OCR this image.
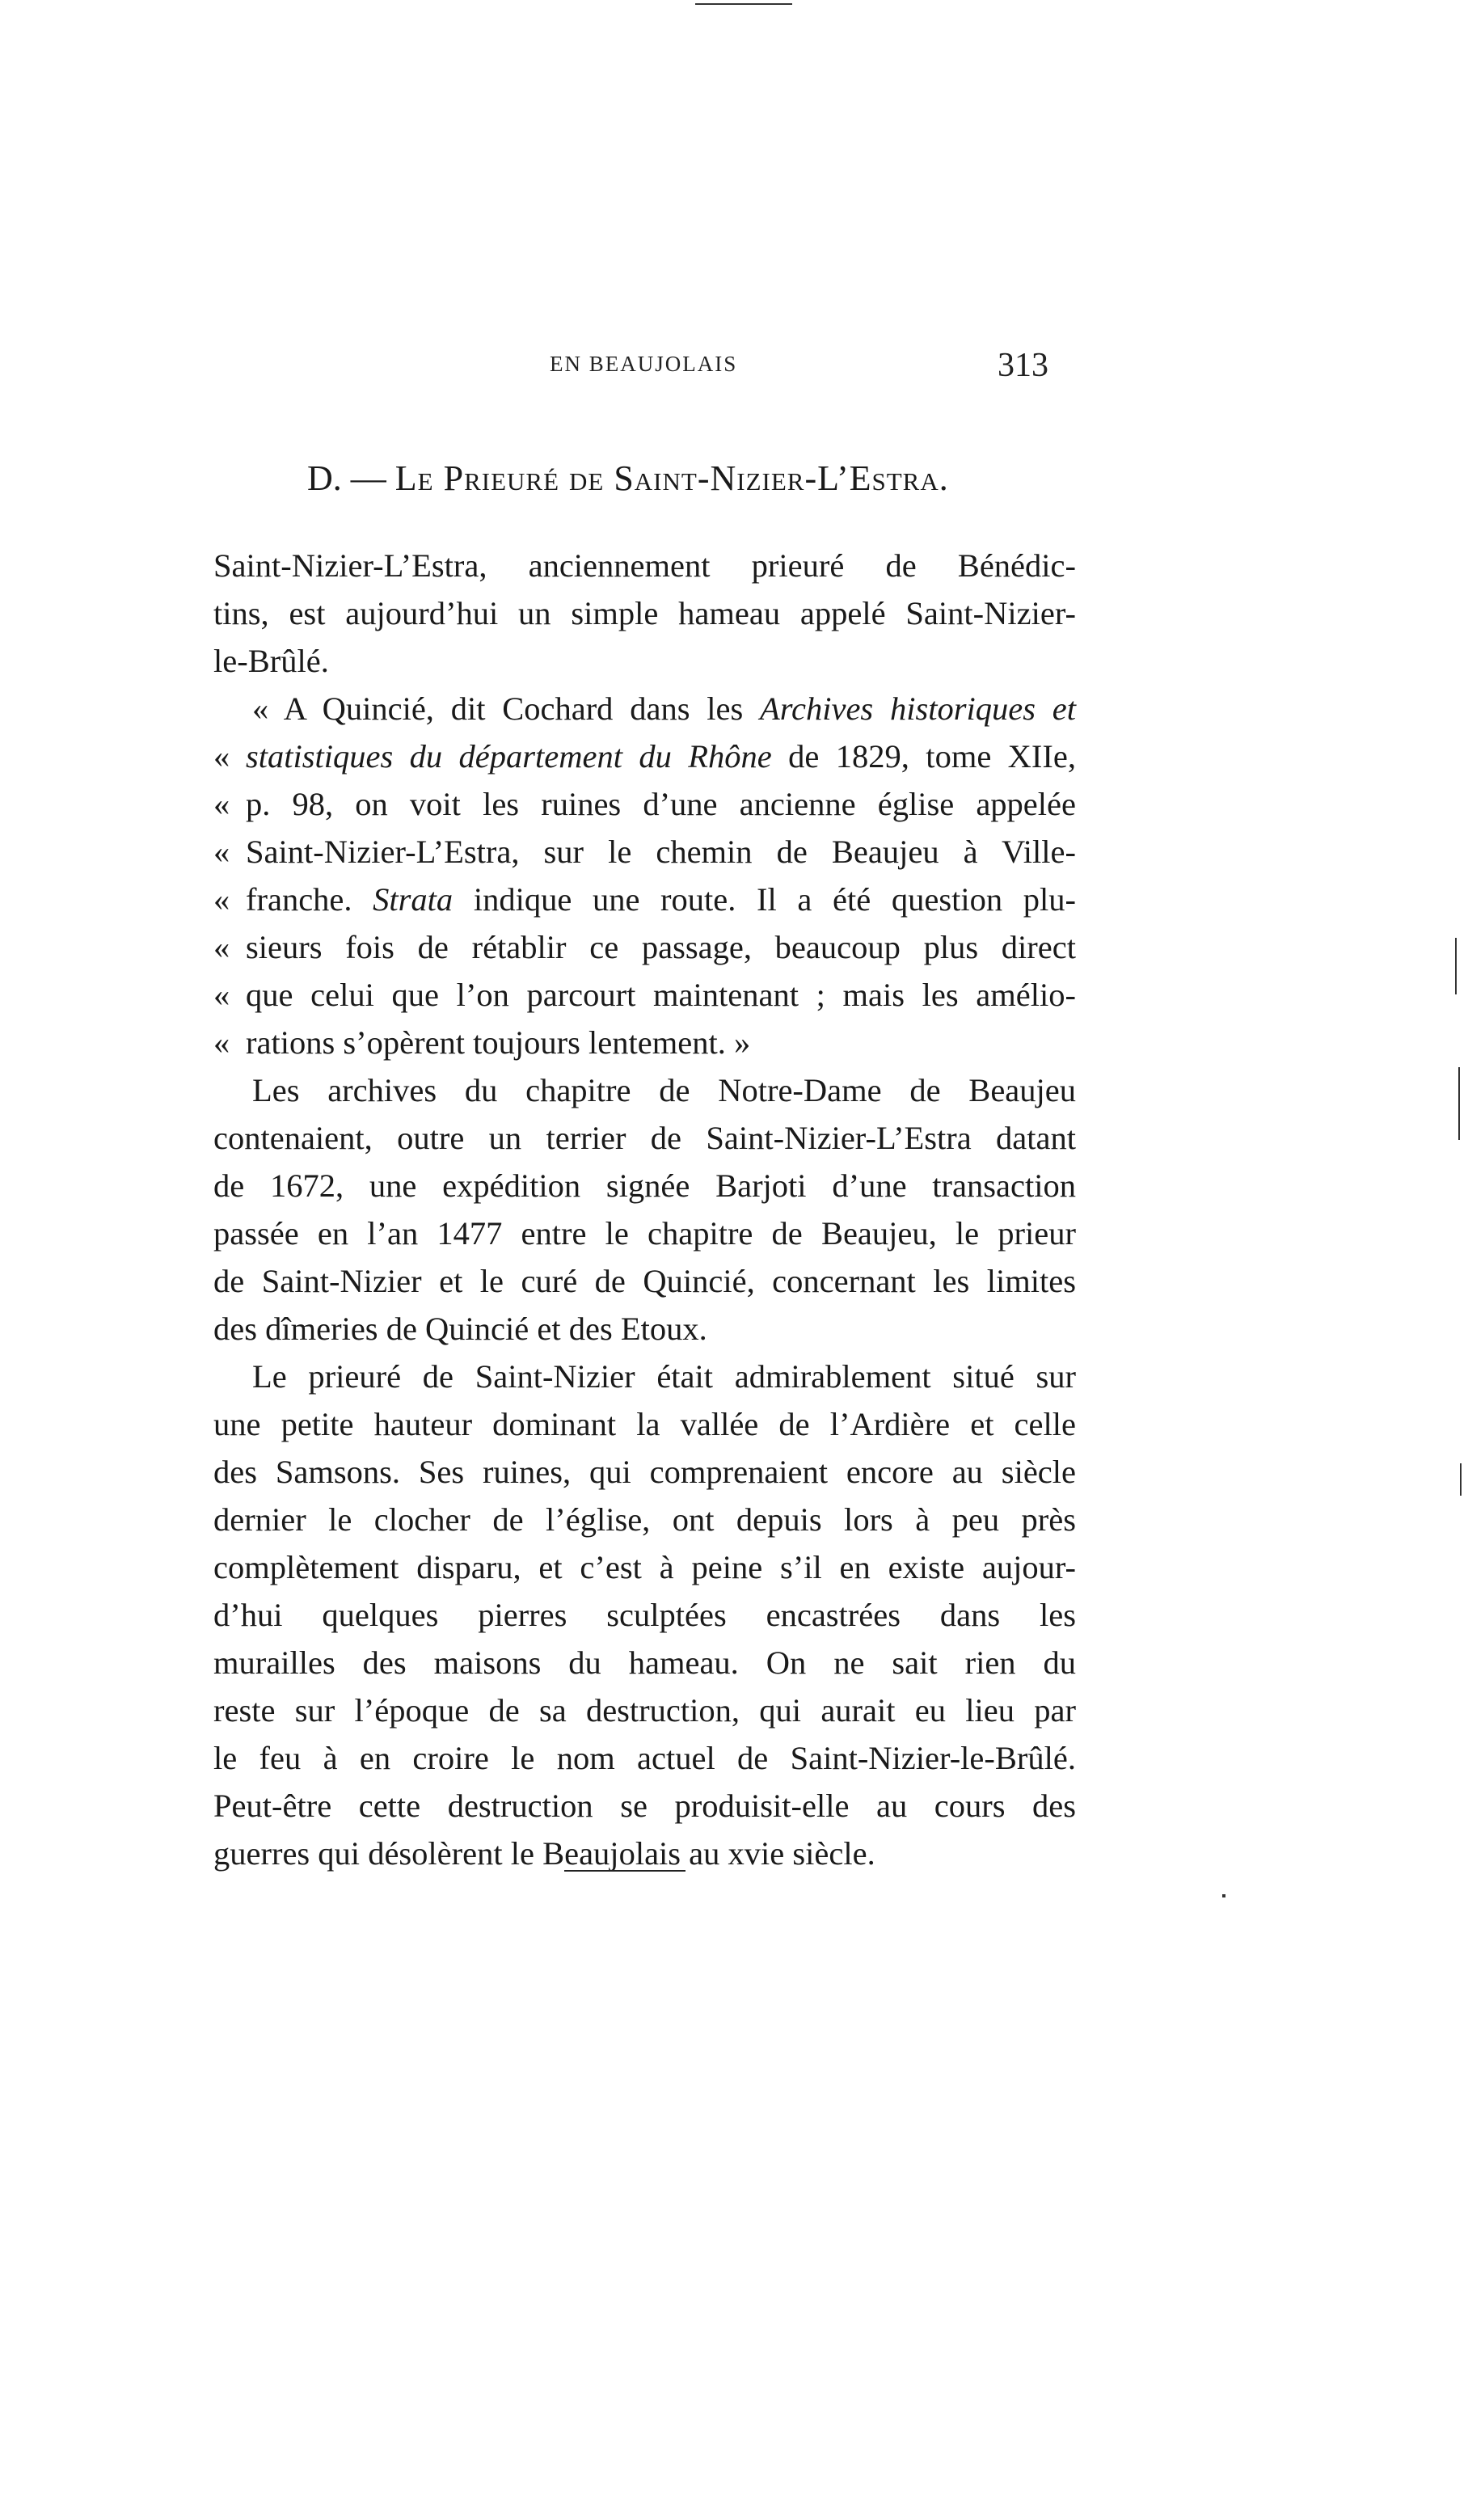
EN BEAUJOLAIS	313
D. — Le Prieuré de Saint-Nizier-L’Estra.
Saint-Nizier-L’Estra, anciennement prieuré de Bénédic-
tins, est aujourd’hui un simple hameau appelé Saint-Nizier-
le-Brûlé.
« A Quincié, dit Cochard dans les Archives historiques et
« statistiques du département du Rhône de 1829, tome XIIe,
« p. 98, on voit les ruines d’une ancienne église appelée
« Saint-Nizier-L’Estra, sur le chemin de Beaujeu à Ville-
« franche. Strata indique une route. Il a été question plu-
« sieurs fois de rétablir ce passage, beaucoup plus direct
« que celui que l’on parcourt maintenant ; mais les amélio-
« rations s’opèrent toujours lentement. »
Les archives du chapitre de Notre-Dame de Beaujeu
contenaient, outre un terrier de Saint-Nizier-L’Estra datant
de 1672, une expédition signée Barjoti d’une transaction
passée en l’an 1477 entre le chapitre de Beaujeu, le prieur
de Saint-Nizier et le curé de Quincié, concernant les limites
des dîmeries de Quincié et des Etoux.
Le prieuré de Saint-Nizier était admirablement situé sur
une petite hauteur dominant la vallée de l’Ardière et celle
des Samsons. Ses ruines, qui comprenaient encore au siècle
dernier le clocher de l’église, ont depuis lors à peu près
complètement disparu, et c’est à peine s’il en existe aujour-
d’hui quelques pierres sculptées encastrées dans les
murailles des maisons du hameau. On ne sait rien du
reste sur l’époque de sa destruction, qui aurait eu lieu par
le feu à en croire le nom actuel de Saint-Nizier-le-Brûlé.
Peut-être cette destruction se produisit-elle au cours des
guerres qui désolèrent le Beaujolais au xvie siècle.
